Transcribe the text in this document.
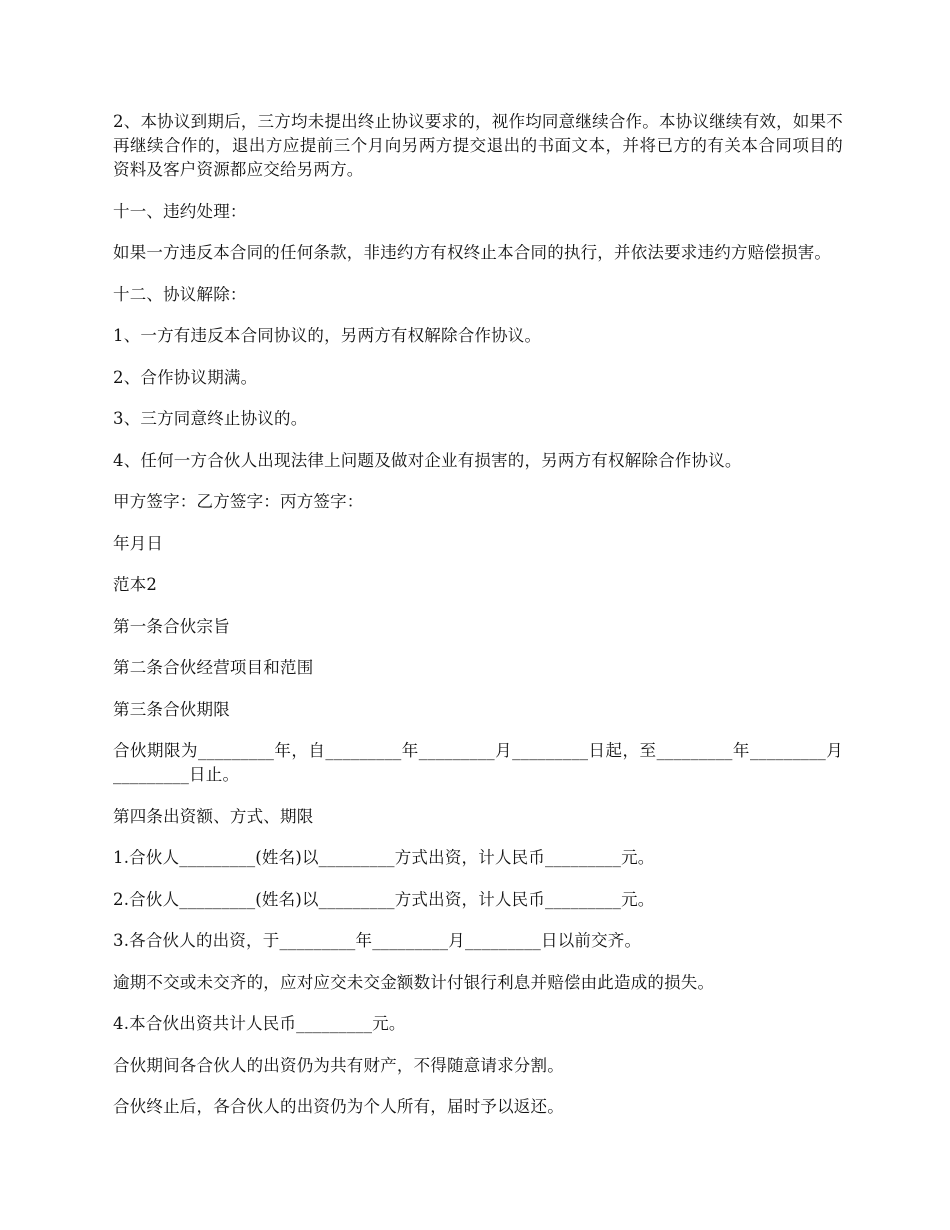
2、本协议到期后，三方均未提出终止协议要求的，视作均同意继续合作。本协议继续有效，如果不再继续合作的，退出方应提前三个月向另两方提交退出的书面文本，并将已方的有关本合同项目的资料及客户资源都应交给另两方。

十一、违约处理：

如果一方违反本合同的任何条款，非违约方有权终止本合同的执行，并依法要求违约方赔偿损害。

十二、协议解除：

1、一方有违反本合同协议的，另两方有权解除合作协议。

2、合作协议期满。

3、三方同意终止协议的。

4、任何一方合伙人出现法律上问题及做对企业有损害的，另两方有权解除合作协议。

甲方签字：乙方签字：丙方签字：

年月日

范本2

第一条合伙宗旨

第二条合伙经营项目和范围

第三条合伙期限

合伙期限为_________年，自_________年_________月_________日起，至_________年_________月_________日止。

第四条出资额、方式、期限

1.合伙人_________(姓名)以_________方式出资，计人民币_________元。

2.合伙人_________(姓名)以_________方式出资，计人民币_________元。

3.各合伙人的出资，于_________年_________月_________日以前交齐。

逾期不交或未交齐的，应对应交未交金额数计付银行利息并赔偿由此造成的损失。

4.本合伙出资共计人民币_________元。

合伙期间各合伙人的出资仍为共有财产，不得随意请求分割。

合伙终止后，各合伙人的出资仍为个人所有，届时予以返还。
